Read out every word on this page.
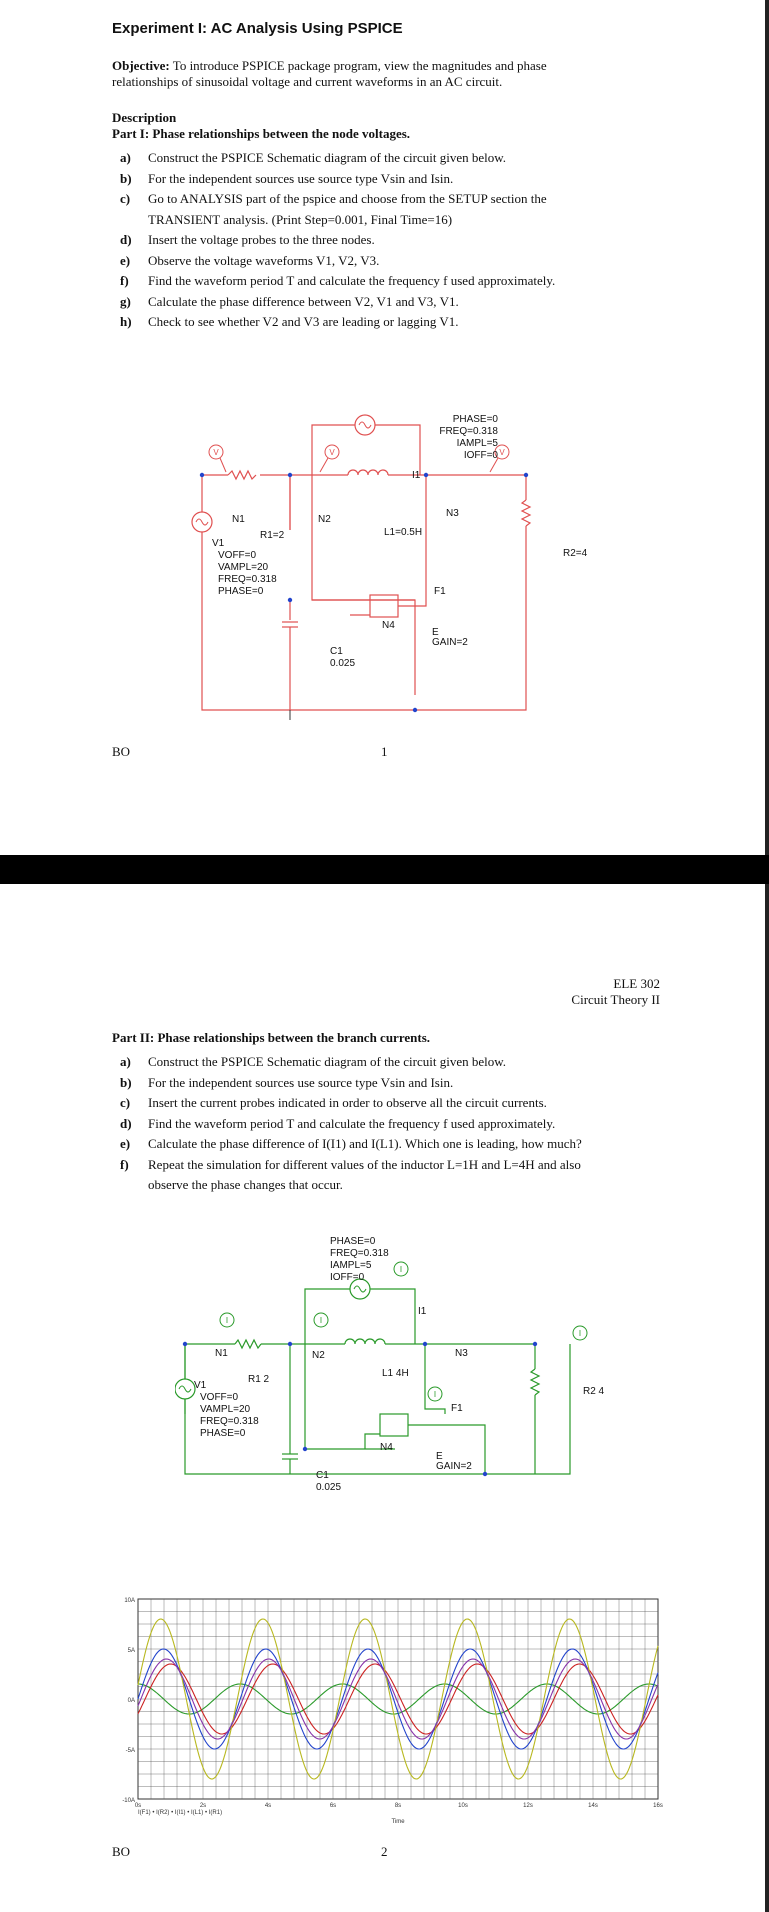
Experiment I: AC Analysis Using PSPICE
Objective: To introduce PSPICE package program, view the magnitudes and phase
relationships of sinusoidal voltage and current waveforms in an AC circuit.
Description
Part I: Phase relationships between the node voltages.
a) Construct the PSPICE Schematic diagram of the circuit given below.
b) For the independent sources use source type Vsin and Isin.
c) Go to ANALYSIS part of the pspice and choose from the SETUP section the
TRANSIENT analysis. (Print Step=0.001, Final Time=16)
d) Insert the voltage probes to the three nodes.
e) Observe the voltage waveforms V1, V2, V3.
f) Find the waveform period T and calculate the frequency f used approximately.
g) Calculate the phase difference between V2, V1 and V3, V1.
h) Check to see whether V2 and V3 are leading or lagging V1.
V	V	V
PHASE=0
FREQ=0.318
IAMPL=5
IOFF=0
I1
N1
R1=2
N2
L1=0.5H
N3
R2=4
V1
VOFF=0
VAMPL=20
FREQ=0.318
PHASE=0	F1
N4
E
GAIN=2
C1
0.025
BO	1
ELE 302
Circuit Theory II
Part II: Phase relationships between the branch currents.
a) Construct the PSPICE Schematic diagram of the circuit given below.
b) For the independent sources use source type Vsin and Isin.
c) Insert the current probes indicated in order to observe all the circuit currents.
d) Find the waveform period T and calculate the frequency f used approximately.
e) Calculate the phase difference of I(I1) and I(L1). Which one is leading, how much?
f) Repeat the simulation for different values of the inductor L=1H and L=4H and also
observe the phase changes that occur.
I	I
I
I
I
PHASE=0
FREQ=0.318
IAMPL=5
IOFF=0
I1
N1
R1 2
N2
L1 4H
N3
R2 4
V1
VOFF=0
VAMPL=20
FREQ=0.318
PHASE=0
F1
N4
E
GAIN=2
C1
0.025
10A
5A
0A
-5A
-10A
0s	2s	4s	6s	8s	10s	12s	14s	16s
I(F1) • I(R2) • I(I1) • I(L1) • I(R1)
Time
BO	2
